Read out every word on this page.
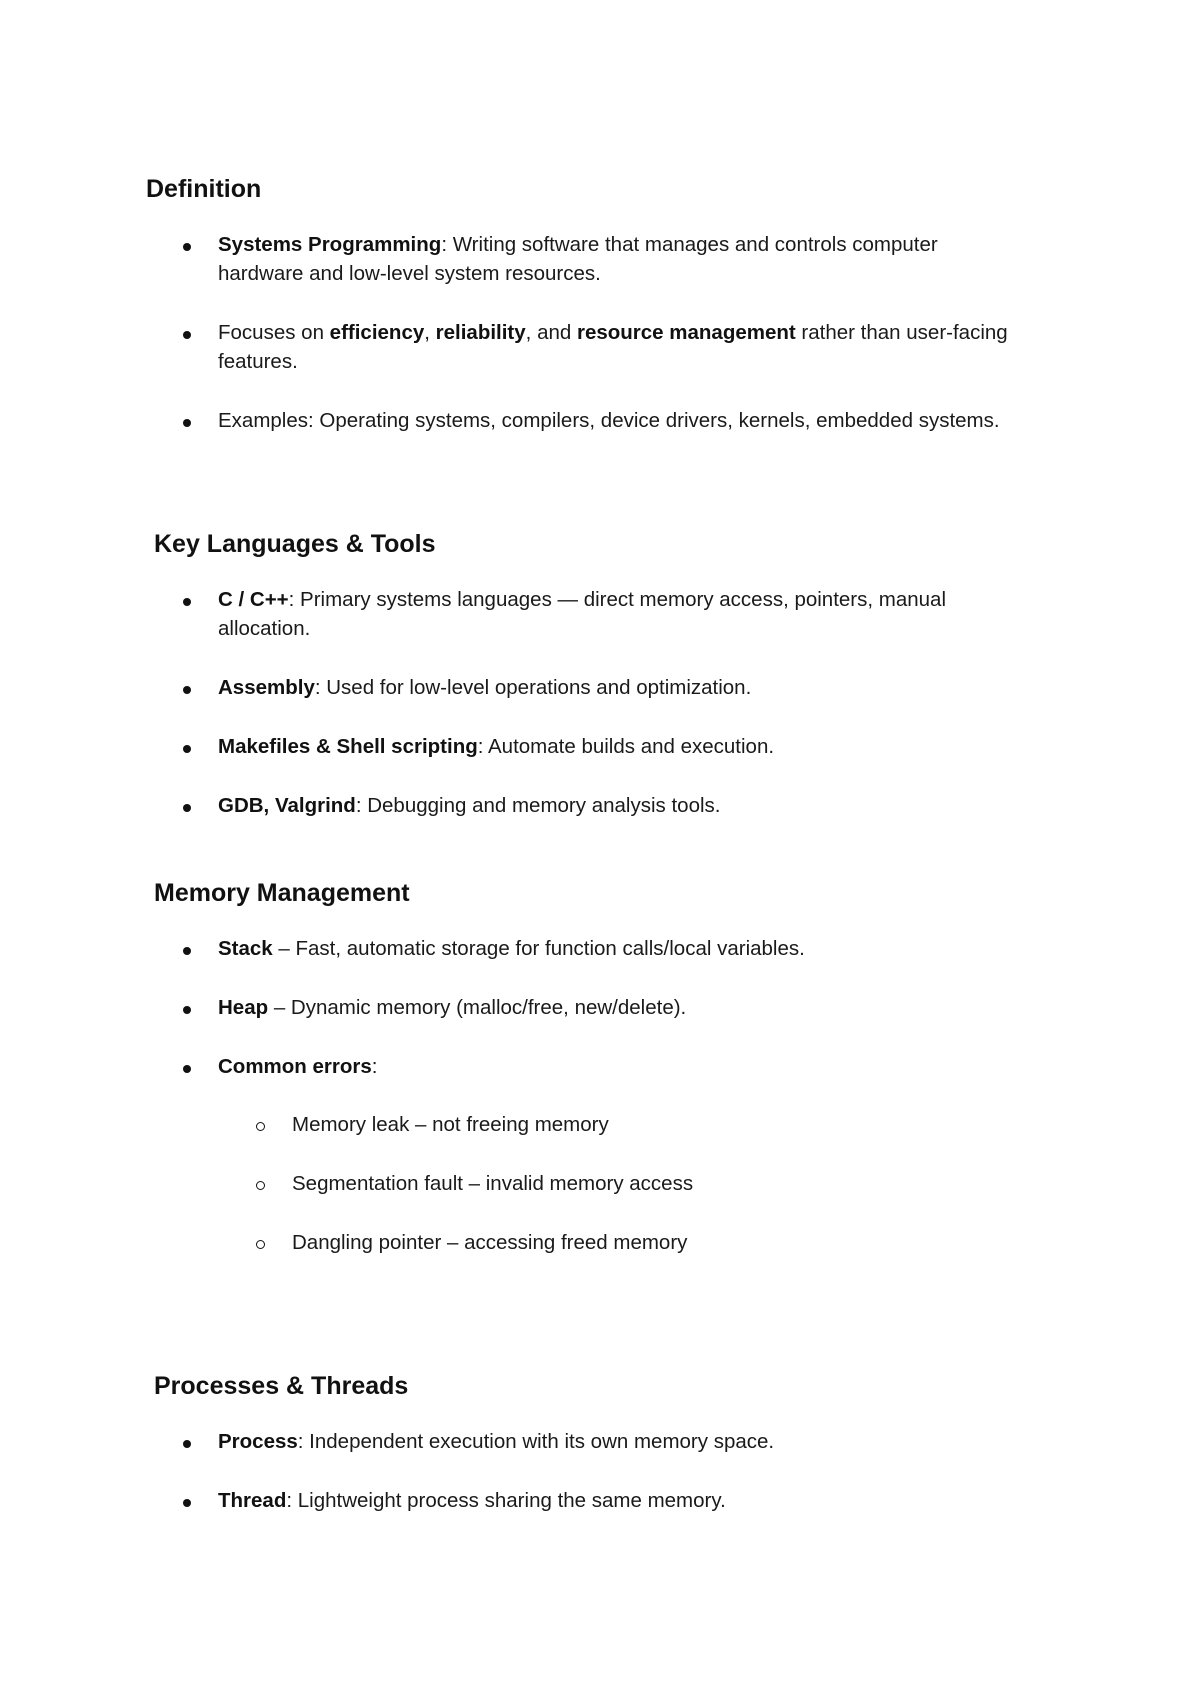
Definition
Systems Programming: Writing software that manages and controls computer hardware and low-level system resources.
Focuses on efficiency, reliability, and resource management rather than user-facing features.
Examples: Operating systems, compilers, device drivers, kernels, embedded systems.
Key Languages & Tools
C / C++: Primary systems languages — direct memory access, pointers, manual allocation.
Assembly: Used for low-level operations and optimization.
Makefiles & Shell scripting: Automate builds and execution.
GDB, Valgrind: Debugging and memory analysis tools.
Memory Management
Stack – Fast, automatic storage for function calls/local variables.
Heap – Dynamic memory (malloc/free, new/delete).
Common errors:
Memory leak – not freeing memory
Segmentation fault – invalid memory access
Dangling pointer – accessing freed memory
Processes & Threads
Process: Independent execution with its own memory space.
Thread: Lightweight process sharing the same memory.
